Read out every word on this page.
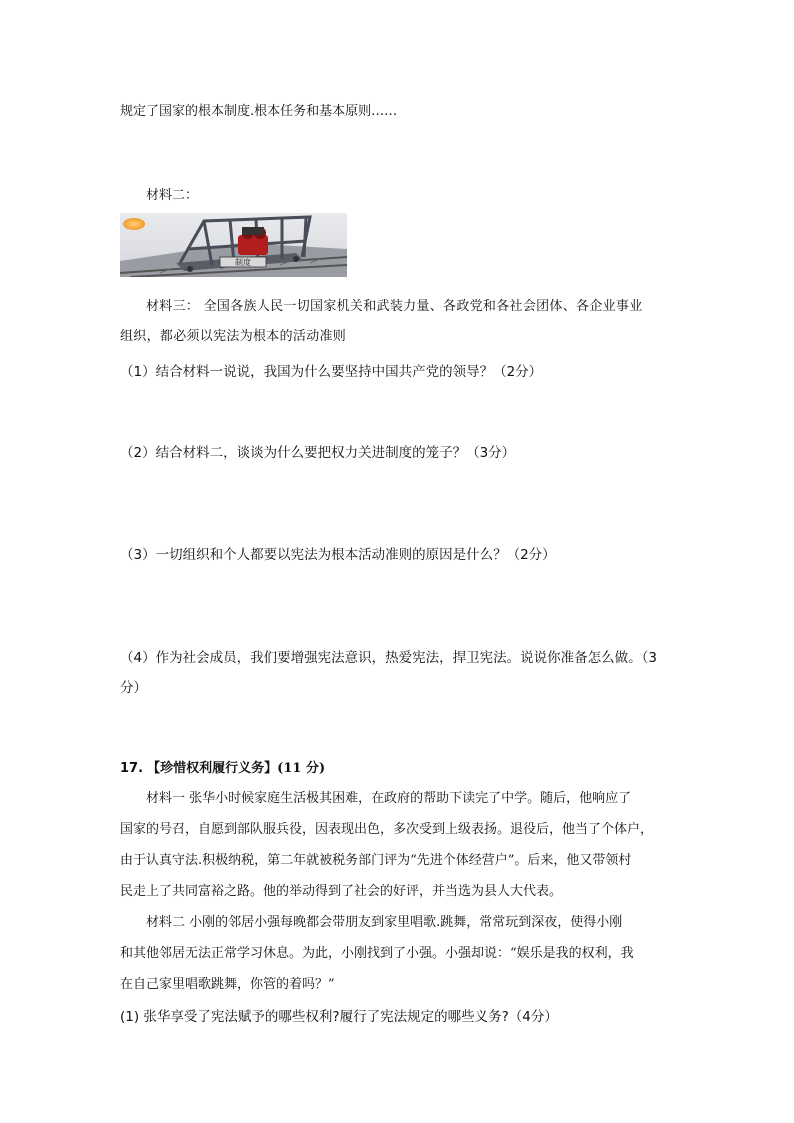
规定了国家的根本制度.根本任务和基本原则……

材料二：

制度

材料三： 全国各族人民一切国家机关和武装力量、各政党和各社会团体、各企业事业

组织，都必须以宪法为根本的活动准则

（1）结合材料一说说，我国为什么要坚持中国共产党的领导？（2分）

（2）结合材料二，谈谈为什么要把权力关进制度的笼子？（3分）

（3）一切组织和个人都要以宪法为根本活动准则的原因是什么？（2分）

（4）作为社会成员，我们要增强宪法意识，热爱宪法，捍卫宪法。说说你准备怎么做。（3

分）

17. 【珍惜权利履行义务】(11 分)

材料一 张华小时候家庭生活极其困难，在政府的帮助下读完了中学。随后，他响应了

国家的号召，自愿到部队服兵役，因表现出色，多次受到上级表扬。退役后，他当了个体户，

由于认真守法.积极纳税，第二年就被税务部门评为“先进个体经营户”。后来，他又带领村

民走上了共同富裕之路。他的举动得到了社会的好评，并当选为县人大代表。

材料二 小刚的邻居小强每晚都会带朋友到家里唱歌.跳舞，常常玩到深夜，使得小刚

和其他邻居无法正常学习休息。为此，小刚找到了小强。小强却说：“娱乐是我的权利，我

在自己家里唱歌跳舞，你管的着吗？”

(1) 张华享受了宪法赋予的哪些权利?履行了宪法规定的哪些义务?（4分）
